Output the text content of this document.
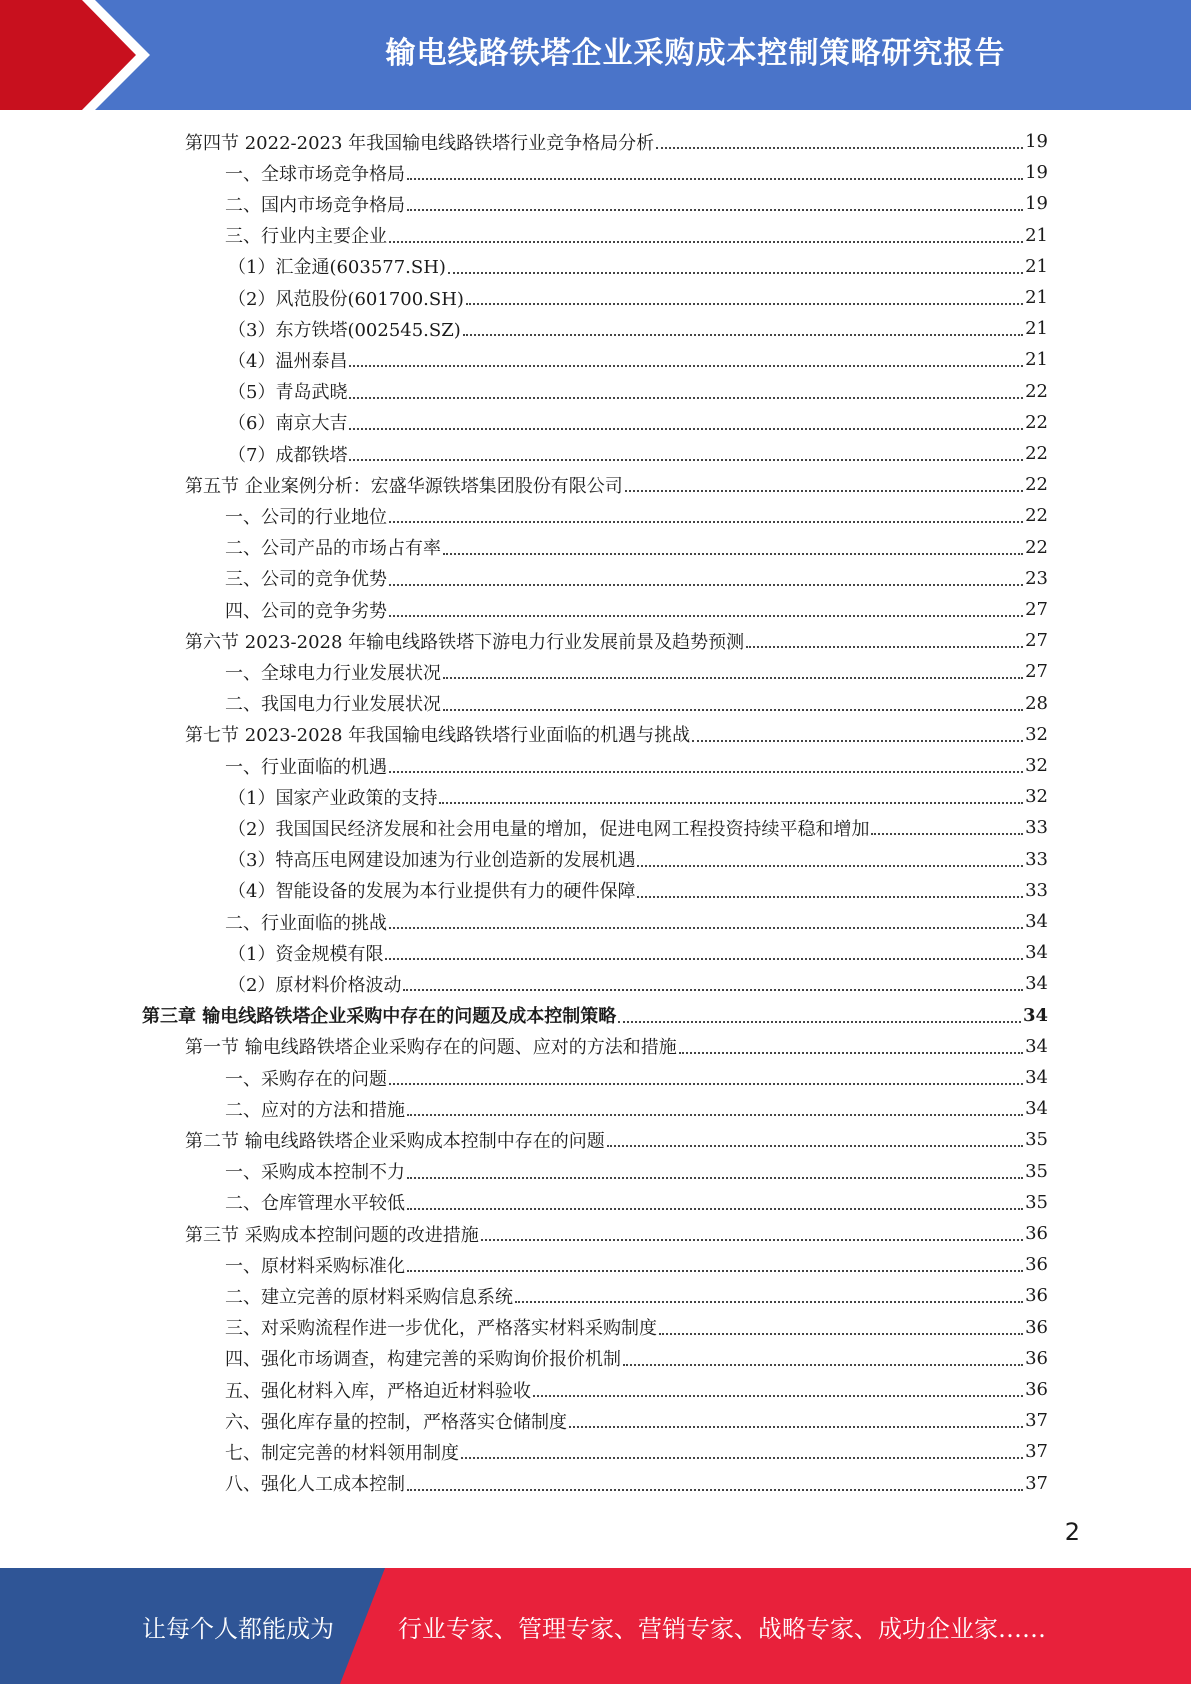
输电线路铁塔企业采购成本控制策略研究报告
第四节 2022-2023 年我国输电线路铁塔行业竞争格局分析	19
一、全球市场竞争格局	19
二、国内市场竞争格局	19
三、行业内主要企业	21
（1）汇金通(603577.SH)	21
（2）风范股份(601700.SH)	21
（3）东方铁塔(002545.SZ)	21
（4）温州泰昌	21
（5）青岛武晓	22
（6）南京大吉	22
（7）成都铁塔	22
第五节 企业案例分析：宏盛华源铁塔集团股份有限公司	22
一、公司的行业地位	22
二、公司产品的市场占有率	22
三、公司的竞争优势	23
四、公司的竞争劣势	27
第六节 2023-2028 年输电线路铁塔下游电力行业发展前景及趋势预测	27
一、全球电力行业发展状况	27
二、我国电力行业发展状况	28
第七节 2023-2028 年我国输电线路铁塔行业面临的机遇与挑战	32
一、行业面临的机遇	32
（1）国家产业政策的支持	32
（2）我国国民经济发展和社会用电量的增加，促进电网工程投资持续平稳和增加	33
（3）特高压电网建设加速为行业创造新的发展机遇	33
（4）智能设备的发展为本行业提供有力的硬件保障	33
二、行业面临的挑战	34
（1）资金规模有限	34
（2）原材料价格波动	34
第三章 输电线路铁塔企业采购中存在的问题及成本控制策略	34
第一节 输电线路铁塔企业采购存在的问题、应对的方法和措施	34
一、采购存在的问题	34
二、应对的方法和措施	34
第二节 输电线路铁塔企业采购成本控制中存在的问题	35
一、采购成本控制不力	35
二、仓库管理水平较低	35
第三节 采购成本控制问题的改进措施	36
一、原材料采购标准化	36
二、建立完善的原材料采购信息系统	36
三、对采购流程作进一步优化，严格落实材料采购制度	36
四、强化市场调查，构建完善的采购询价报价机制	36
五、强化材料入库，严格迫近材料验收	36
六、强化库存量的控制，严格落实仓储制度	37
七、制定完善的材料领用制度	37
八、强化人工成本控制	37
2
让每个人都能成为	行业专家、管理专家、营销专家、战略专家、成功企业家……
